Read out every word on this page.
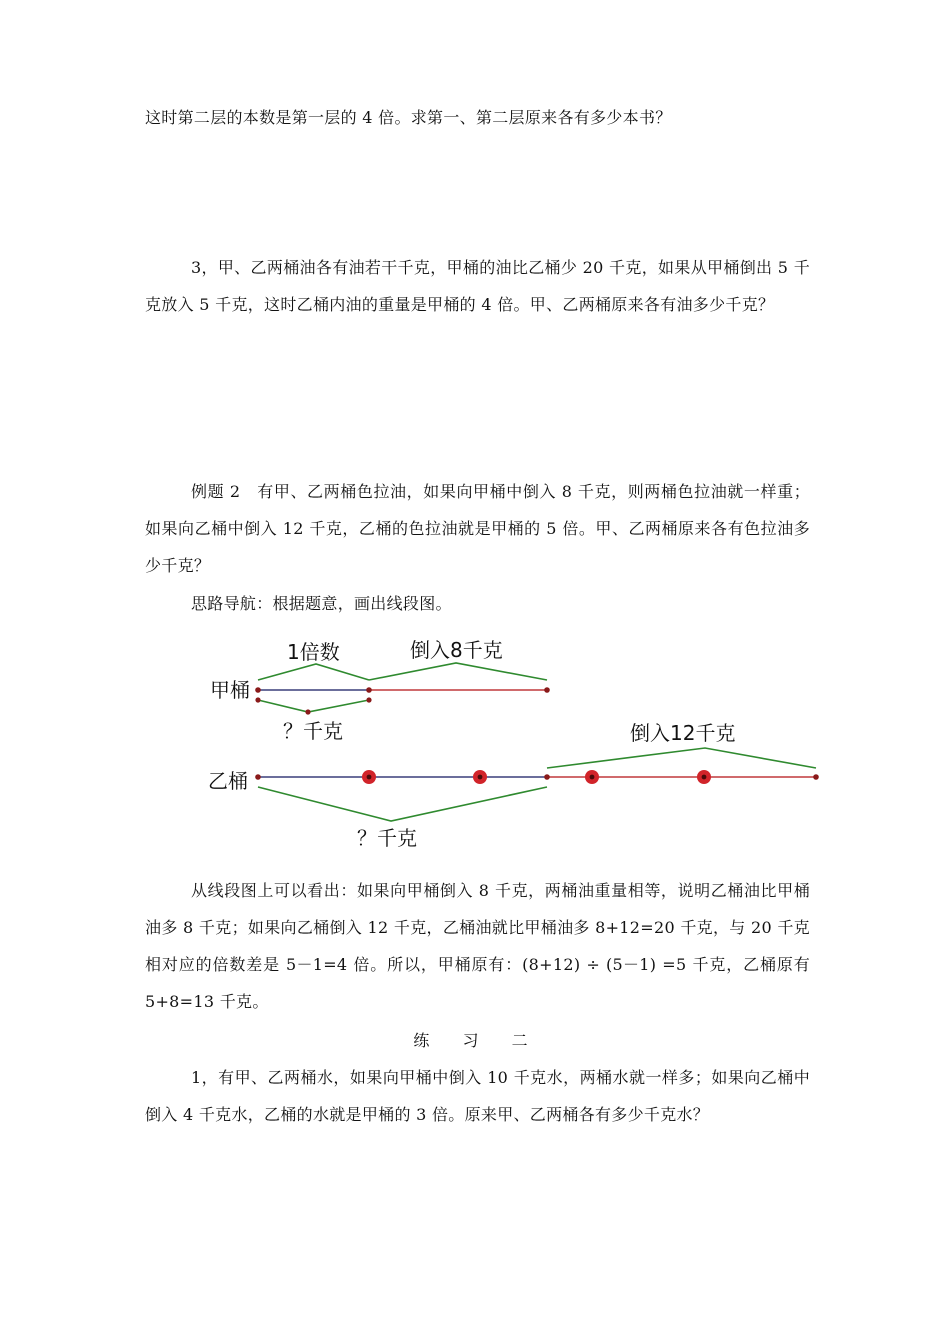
这时第二层的本数是第一层的 4 倍。求第一、第二层原来各有多少本书？

3，甲、乙两桶油各有油若干千克，甲桶的油比乙桶少 20 千克，如果从甲桶倒出 5 千克放入 5 千克，这时乙桶内油的重量是甲桶的 4 倍。甲、乙两桶原来各有油多少千克？

例题 2　有甲、乙两桶色拉油，如果向甲桶中倒入 8 千克，则两桶色拉油就一样重；如果向乙桶中倒入 12 千克，乙桶的色拉油就是甲桶的 5 倍。甲、乙两桶原来各有色拉油多少千克？

思路导航：根据题意，画出线段图。

甲桶
1倍数	倒入8千克
？千克
乙桶
倒入12千克
？千克

从线段图上可以看出：如果向甲桶倒入 8 千克，两桶油重量相等，说明乙桶油比甲桶油多 8 千克；如果向乙桶倒入 12 千克，乙桶油就比甲桶油多 8+12=20 千克，与 20 千克相对应的倍数差是 5－1=4 倍。所以，甲桶原有：(8+12) ÷ (5－1) =5 千克，乙桶原有 5+8=13 千克。

练 习 二

1，有甲、乙两桶水，如果向甲桶中倒入 10 千克水，两桶水就一样多；如果向乙桶中倒入 4 千克水，乙桶的水就是甲桶的 3 倍。原来甲、乙两桶各有多少千克水？
